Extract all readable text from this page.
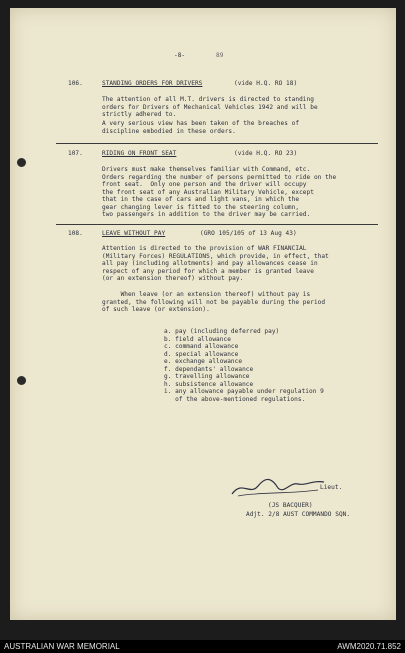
-8-	89
106.	STANDING ORDERS FOR DRIVERS	(vide H.Q. RO 18)
The attention of all M.T. drivers is directed to standing
orders for Drivers of Mechanical Vehicles 1942 and will be
strictly adhered to.
A very serious view has been taken of the breaches of
discipline embodied in these orders.
107.	RIDING ON FRONT SEAT	(vide H.Q. RO 23)
Drivers must make themselves familiar with Command, etc.
Orders regarding the number of persons permitted to ride on the
front seat.  Only one person and the driver will occupy
the front seat of any Australian Military Vehicle, except
that in the case of cars and light vans, in which the
gear changing lever is fitted to the steering column,
two passengers in addition to the driver may be carried.
108.	LEAVE WITHOUT PAY	(GRO 105/105 of 13 Aug 43)
Attention is directed to the provision of WAR FINANCIAL
(Military Forces) REGULATIONS, which provide, in effect, that
all pay (including allotments) and pay allowances cease in
respect of any period for which a member is granted leave
(or an extension thereof) without pay.
When leave (or an extension thereof) without pay is
granted, the following will not be payable during the period
of such leave (or extension).
a. pay (including deferred pay)
b. field allowance
c. command allowance
d. special allowance
e. exchange allowance
f. dependants' allowance
g. travelling allowance
h. subsistence allowance
i. any allowance payable under regulation 9
of the above-mentioned regulations.
Lieut.
(JS BACQUER)
Adjt. 2/8 AUST COMMANDO SQN.
AUSTRALIAN WAR MEMORIAL	AWM2020.71.852
